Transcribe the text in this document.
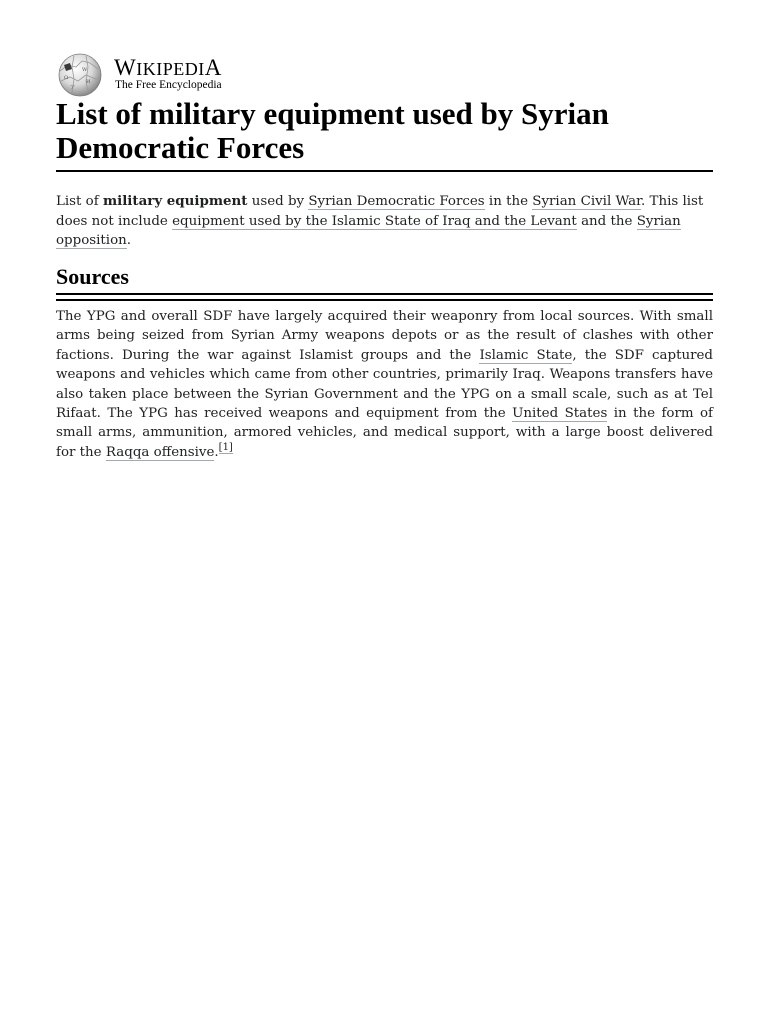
Ω
W
И
ア
WIKIPEDIA
The Free Encyclopedia
List of military equipment used by Syrian Democratic Forces

List of military equipment used by Syrian Democratic Forces in the Syrian Civil War. This list does not include equipment used by the Islamic State of Iraq and the Levant and the Syrian opposition.

Sources

The YPG and overall SDF have largely acquired their weaponry from local sources. With small arms being seized from Syrian Army weapons depots or as the result of clashes with other factions. During the war against Islamist groups and the Islamic State, the SDF captured weapons and vehicles which came from other countries, primarily Iraq. Weapons transfers have also taken place between the Syrian Government and the YPG on a small scale, such as at Tel Rifaat. The YPG has received weapons and equipment from the United States in the form of small arms, ammunition, armored vehicles, and medical support, with a large boost delivered for the Raqqa offensive.[1]
